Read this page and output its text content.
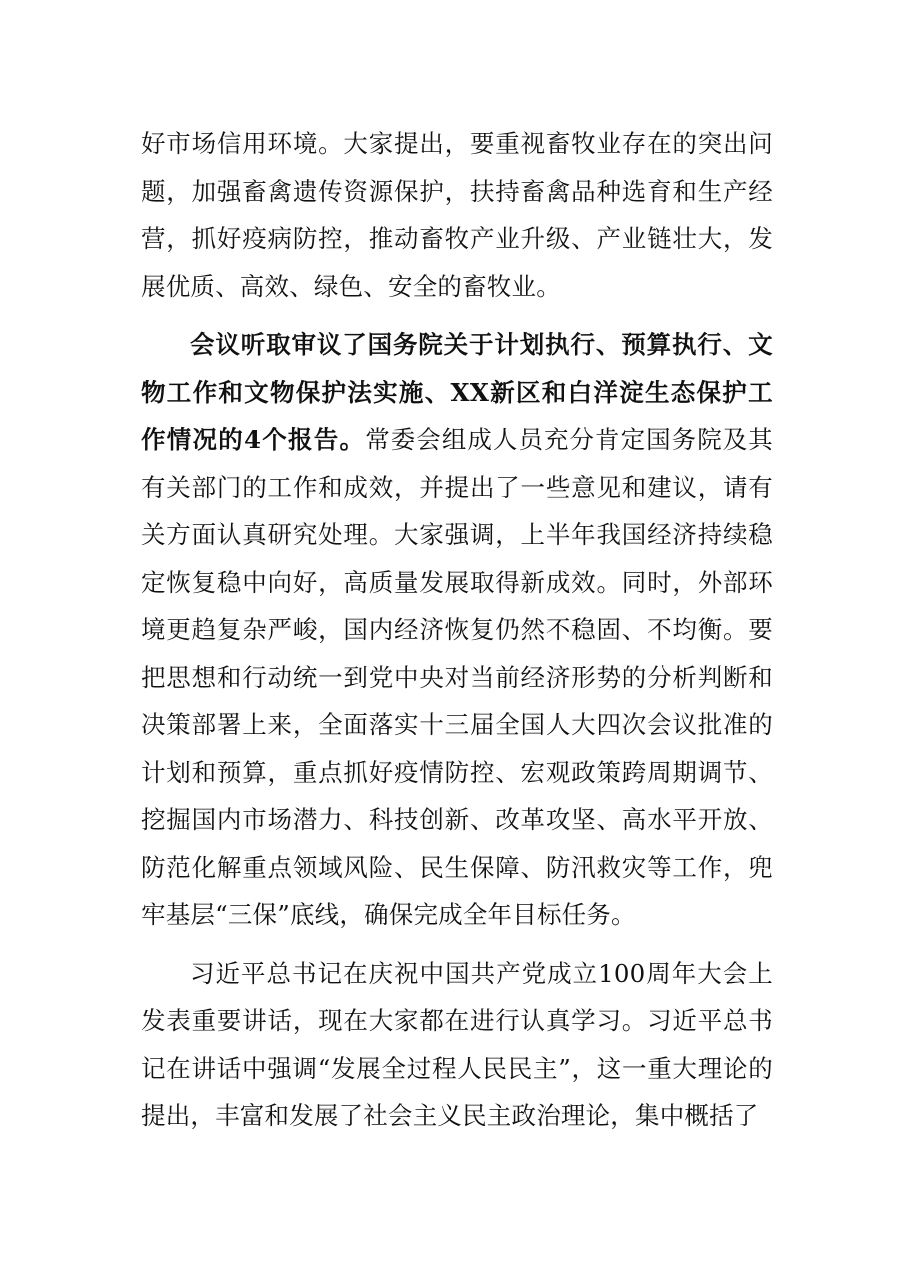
好市场信用环境。大家提出，要重视畜牧业存在的突出问题，加强畜禽遗传资源保护，扶持畜禽品种选育和生产经营，抓好疫病防控，推动畜牧产业升级、产业链壮大，发展优质、高效、绿色、安全的畜牧业。

会议听取审议了国务院关于计划执行、预算执行、文物工作和文物保护法实施、XX新区和白洋淀生态保护工作情况的4个报告。常委会组成人员充分肯定国务院及其有关部门的工作和成效，并提出了一些意见和建议，请有关方面认真研究处理。大家强调，上半年我国经济持续稳定恢复稳中向好，高质量发展取得新成效。同时，外部环境更趋复杂严峻，国内经济恢复仍然不稳固、不均衡。要把思想和行动统一到党中央对当前经济形势的分析判断和决策部署上来，全面落实十三届全国人大四次会议批准的计划和预算，重点抓好疫情防控、宏观政策跨周期调节、挖掘国内市场潜力、科技创新、改革攻坚、高水平开放、防范化解重点领域风险、民生保障、防汛救灾等工作，兜牢基层“三保”底线，确保完成全年目标任务。

习近平总书记在庆祝中国共产党成立100周年大会上发表重要讲话，现在大家都在进行认真学习。习近平总书记在讲话中强调“发展全过程人民民主”，这一重大理论的提出，丰富和发展了社会主义民主政治理论，集中概括了
